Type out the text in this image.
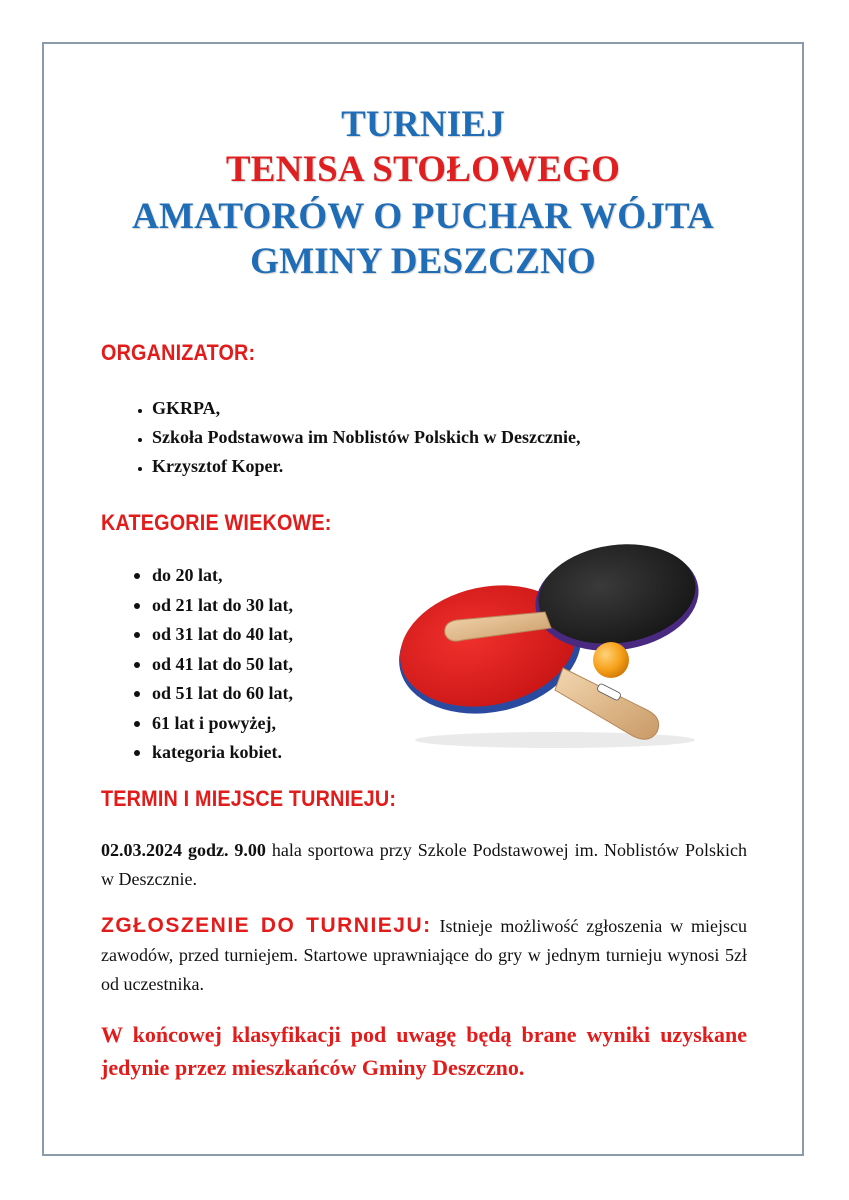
TURNIEJ
TENISA STOŁOWEGO
AMATORÓW O PUCHAR WÓJTA
GMINY DESZCZNO
ORGANIZATOR:
• GKRPA,
• Szkoła Podstawowa im Noblistów Polskich w Deszcznie,
• Krzysztof Koper.
KATEGORIE WIEKOWE:
• do 20 lat,
• od 21 lat do 30 lat,
• od 31 lat do 40 lat,
• od 41 lat do 50 lat,
• od 51 lat do 60 lat,
• 61 lat i powyżej,
• kategoria kobiet.
TERMIN I MIEJSCE TURNIEJU:
02.03.2024 godz. 9.00 hala sportowa przy Szkole Podstawowej im. Noblistów Polskich w Deszcznie.
ZGŁOSZENIE DO TURNIEJU: Istnieje możliwość zgłoszenia w miejscu zawodów, przed turniejem. Startowe uprawniające do gry w jednym turnieju wynosi 5zł od uczestnika.
W końcowej klasyfikacji pod uwagę będą brane wyniki uzyskane jedynie przez mieszkańców Gminy Deszczno.
